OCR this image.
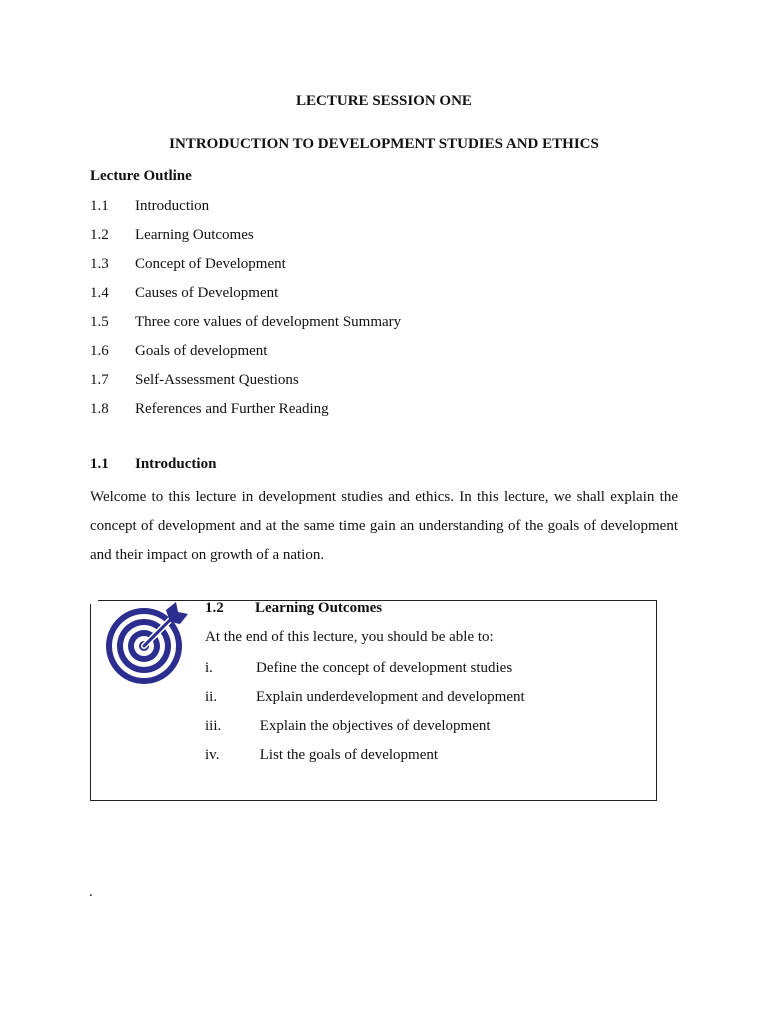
LECTURE SESSION ONE
INTRODUCTION TO DEVELOPMENT STUDIES AND ETHICS
Lecture Outline
1.1 Introduction
1.2 Learning Outcomes
1.3 Concept of Development
1.4 Causes of Development
1.5 Three core values of development Summary
1.6 Goals of development
1.7 Self-Assessment Questions
1.8 References and Further Reading
1.1 Introduction

Welcome to this lecture in development studies and ethics. In this lecture, we shall explain the concept of development and at the same time gain an understanding of the goals of development and their impact on growth of a nation.

1.2 Learning Outcomes
At the end of this lecture, you should be able to:
i.	Define the concept of development studies
ii.	Explain underdevelopment and development
iii. Explain the objectives of development
iv. List the goals of development
.
